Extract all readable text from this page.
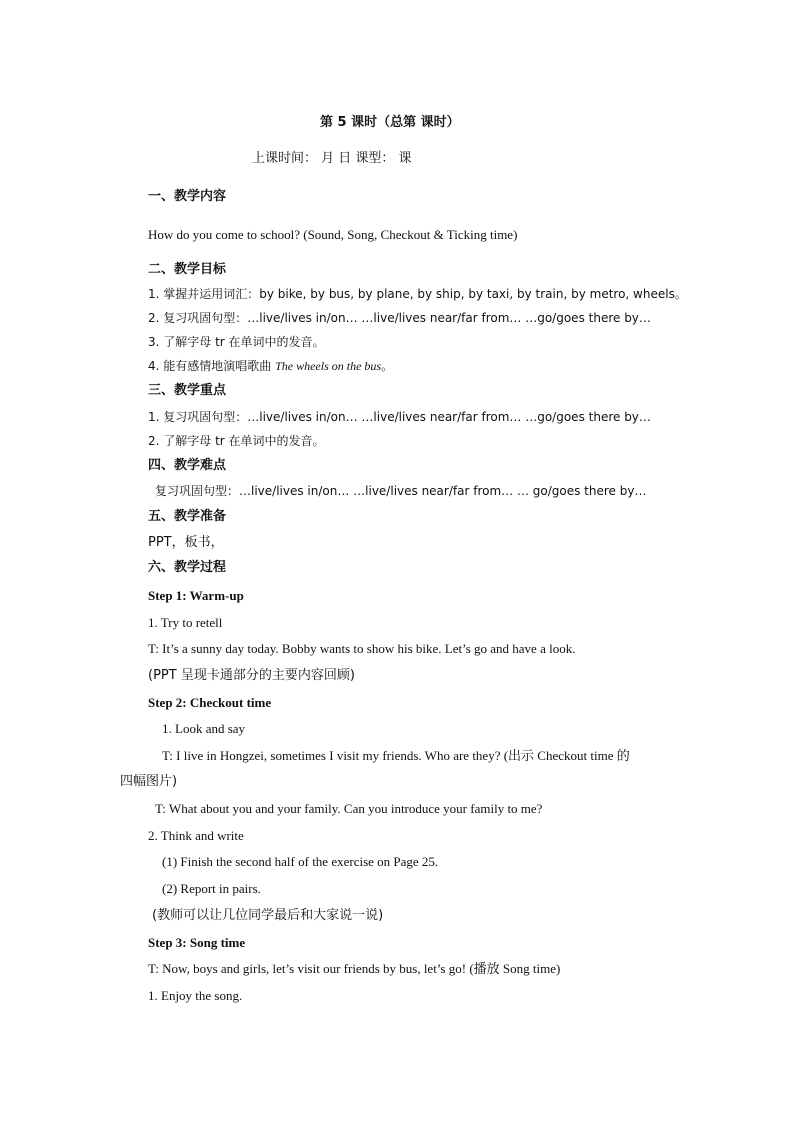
第 5 课时（总第 课时）
上课时间： 月 日 课型： 课
一、教学内容
How do you come to school? (Sound, Song, Checkout & Ticking time)
二、教学目标
1. 掌握并运用词汇：by bike, by bus, by plane, by ship, by taxi, by train, by metro, wheels。
2. 复习巩固句型：…live/lives in/on… …live/lives near/far from… …go/goes there by…
3. 了解字母 tr 在单词中的发音。
4. 能有感情地演唱歌曲 The wheels on the bus。
三、教学重点
1. 复习巩固句型：…live/lives in/on… …live/lives near/far from… …go/goes there by…
2. 了解字母 tr 在单词中的发音。
四、教学难点
复习巩固句型：…live/lives in/on… …live/lives near/far from… … go/goes there by…
五、教学准备
PPT，板书，
六、教学过程
Step 1: Warm-up
1. Try to retell
T: It’s a sunny day today. Bobby wants to show his bike. Let’s go and have a look.
(PPT 呈现卡通部分的主要内容回顾)
Step 2: Checkout time
1. Look and say
T: I live in Hongzei, sometimes I visit my friends. Who are they? (出示 Checkout time 的
四幅图片)
T: What about you and your family. Can you introduce your family to me?
2. Think and write
(1) Finish the second half of the exercise on Page 25.
(2) Report in pairs.
(教师可以让几位同学最后和大家说一说)
Step 3: Song time
T: Now, boys and girls, let’s visit our friends by bus, let’s go! (播放 Song time)
1. Enjoy the song.
